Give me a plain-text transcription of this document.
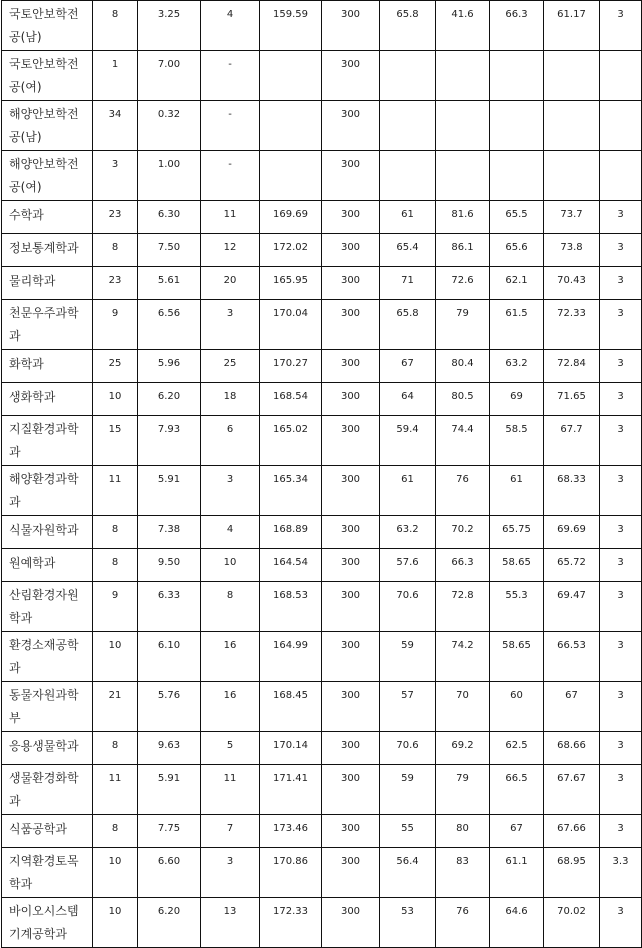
국토안보학전공(남)	8	3.25	4	159.59	300	65.8	41.6	66.3	61.17	3
국토안보학전공(여)	1	7.00	-		300					
해양안보학전공(남)	34	0.32	-		300					
해양안보학전공(여)	3	1.00	-		300					
수학과	23	6.30	11	169.69	300	61	81.6	65.5	73.7	3
정보통계학과	8	7.50	12	172.02	300	65.4	86.1	65.6	73.8	3
물리학과	23	5.61	20	165.95	300	71	72.6	62.1	70.43	3
천문우주과학과	9	6.56	3	170.04	300	65.8	79	61.5	72.33	3
화학과	25	5.96	25	170.27	300	67	80.4	63.2	72.84	3
생화학과	10	6.20	18	168.54	300	64	80.5	69	71.65	3
지질환경과학과	15	7.93	6	165.02	300	59.4	74.4	58.5	67.7	3
해양환경과학과	11	5.91	3	165.34	300	61	76	61	68.33	3
식물자원학과	8	7.38	4	168.89	300	63.2	70.2	65.75	69.69	3
원예학과	8	9.50	10	164.54	300	57.6	66.3	58.65	65.72	3
산림환경자원학과	9	6.33	8	168.53	300	70.6	72.8	55.3	69.47	3
환경소재공학과	10	6.10	16	164.99	300	59	74.2	58.65	66.53	3
동물자원과학부	21	5.76	16	168.45	300	57	70	60	67	3
응용생물학과	8	9.63	5	170.14	300	70.6	69.2	62.5	68.66	3
생물환경화학과	11	5.91	11	171.41	300	59	79	66.5	67.67	3
식품공학과	8	7.75	7	173.46	300	55	80	67	67.66	3
지역환경토목학과	10	6.60	3	170.86	300	56.4	83	61.1	68.95	3.3
바이오시스템기계공학과	10	6.20	13	172.33	300	53	76	64.6	70.02	3
